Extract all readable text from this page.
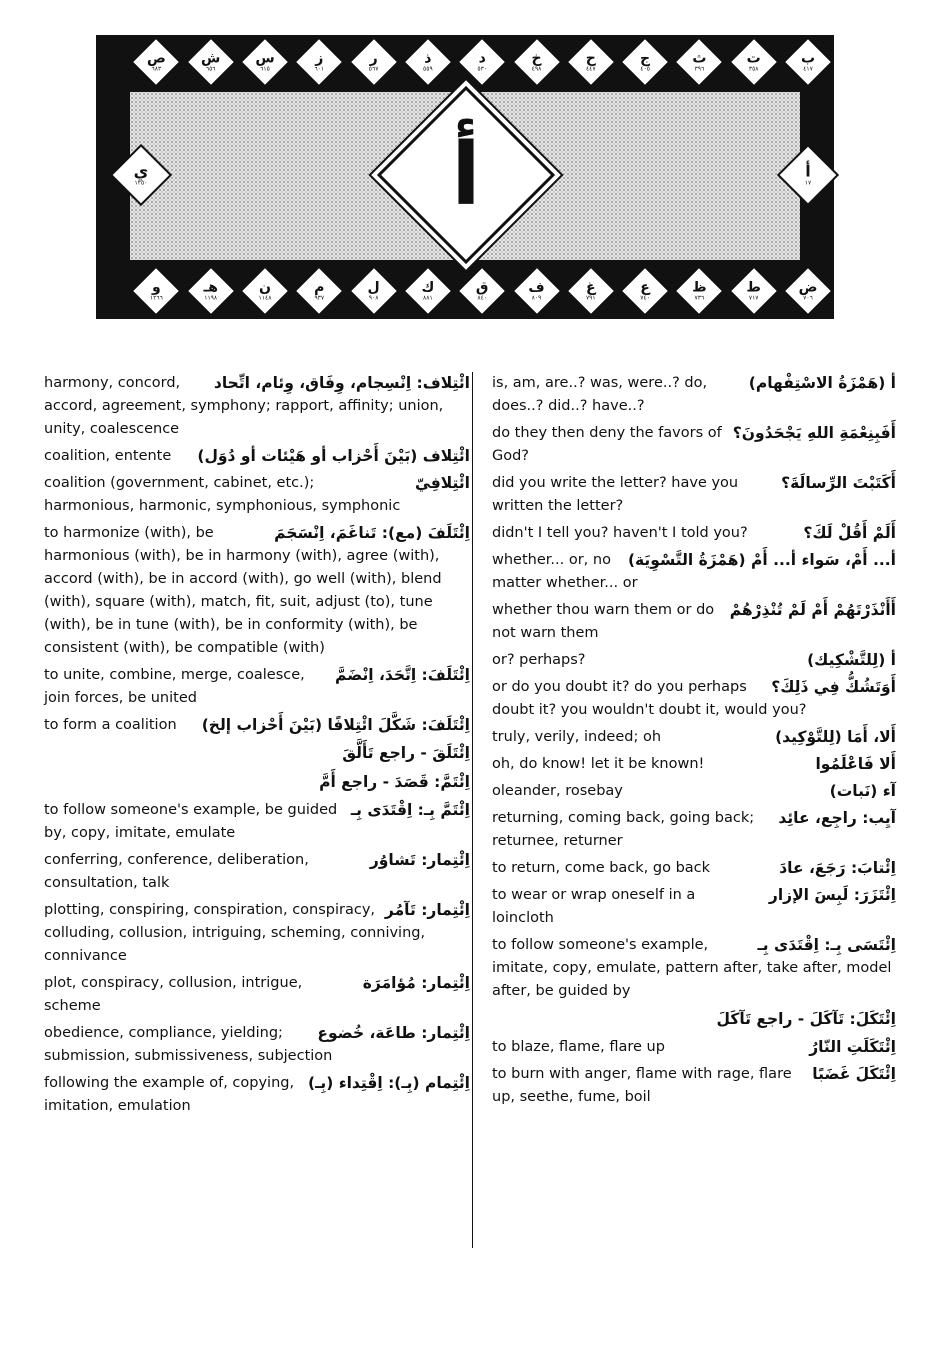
ب
٤١٧
ت
٣٥٨
ث
٣٩٦
ج
٤٠٥
ح
٤٤٧
خ
٤٩٨
د
٥٣٠
ذ
٥٥٩
ر
٥٦٧
ز
٦٠١
س
٦١٥
ش
٦٥٦
ص
٦٨٣
ض
٧٠٦
ط
٧١٧
ظ
٧٣٦
ع
٧٤٠
غ
٧٩١
ف
٨٠٩
ق
٨٤٠
ك
٨٨١
ل
٩٠٨
م
٩٣٧
ن
١١٤٨
هـ
١١٩٨
و
١٢٦٦
ي
١٢٥٠
أ
١٧
أ
ائْتِلاف: اِنْسِجام، وِفَاق، وِئام، اتِّحاد
harmony, concord, accord, agreement, symphony; rapport, affinity; union, unity, coalescence
ائْتِلاف (بَيْنَ أَحْزاب أو هَيْئات أو دُوَل)
coalition, entente
ائْتِلافِيّ
coalition (government, cabinet, etc.); harmonious, harmonic, symphonious, symphonic
اِئْتَلَفَ (مع): تَناغَمَ، اِنْسَجَمَ
to harmonize (with), be harmonious (with), be in harmony (with), agree (with), accord (with), be in accord (with), go well (with), blend (with), square (with), match, fit, suit, adjust (to), tune (with), be in tune (with), be in conformity (with), be consistent (with), be compatible (with)
اِئْتَلَفَ: اِتَّحَدَ، اِنْضَمَّ
to unite, combine, merge, coalesce, join forces, be united
اِئْتَلَفَ: شَكَّلَ ائْتِلافًا (بَيْنَ أَحْزاب إلخ)
to form a coalition
اِئْتَلَقَ - راجع تَأَلَّقَ
اِئْتَمَّ: قَصَدَ - راجع أَمَّ
اِئْتَمَّ بِـ: اِقْتَدَى بِـ
to follow someone's example, be guided by, copy, imitate, emulate
اِئْتِمار: تَشاوُر
conferring, conference, deliberation, consultation, talk
اِئْتِمار: تَآمُر
plotting, conspiring, conspiration, conspiracy, colluding, collusion, intriguing, scheming, conniving, connivance
اِئْتِمار: مُؤامَرَة
plot, conspiracy, collusion, intrigue, scheme
اِئْتِمار: طاعَة، خُضوع
obedience, compliance, yielding; submission, submissiveness, subjection
اِئْتِمام (بِـ): اِقْتِداء (بِـ)
following the example of, copying, imitation, emulation
أ (هَمْزَةُ الاسْتِفْهام)
is, am, are..? was, were..? do, does..? did..? have..?
أَفَبِنِعْمَةِ اللهِ يَجْحَدُونَ؟
do they then deny the favors of God?
أَكَتَبْتَ الرِّسالَةَ؟
did you write the letter? have you written the letter?
أَلَمْ أَقُلْ لَكَ؟
didn't I tell you? haven't I told you?
أ... أَمْ، سَواء أ... أَمْ (هَمْزَةُ التَّسْوِيَة)
whether... or, no matter whether... or
أَأَنْذَرْتَهُمْ أَمْ لَمْ تُنْذِرْهُمْ
whether thou warn them or do not warn them
أ (لِلتَّشْكِيك)
or? perhaps?
أَوَتَشُكُّ فِي ذَلِكَ؟
or do you doubt it? do you perhaps doubt it? you wouldn't doubt it, would you?
أَلا، أَمَا (لِلتَّوْكِيد)
truly, verily, indeed; oh
أَلا فَاعْلَمُوا
oh, do know! let it be known!
آء (نَبات)
oleander, rosebay
آيِب: راجِع، عائِد
returning, coming back, going back; returnee, returner
اِئْتابَ: رَجَعَ، عادَ
to return, come back, go back
اِئْتَزَرَ: لَبِسَ الإزار
to wear or wrap oneself in a loincloth
اِئْتَسَى بِـ: اِقْتَدَى بِـ
to follow someone's example, imitate, copy, emulate, pattern after, take after, model after, be guided by
اِئْتَكَلَ: تَآكَلَ - راجع تَآكَلَ
اِئْتَكَلَتِ النّارُ
to blaze, flame, flare up
اِئْتَكَلَ غَضَبًا
to burn with anger, flame with rage, flare up, seethe, fume, boil
